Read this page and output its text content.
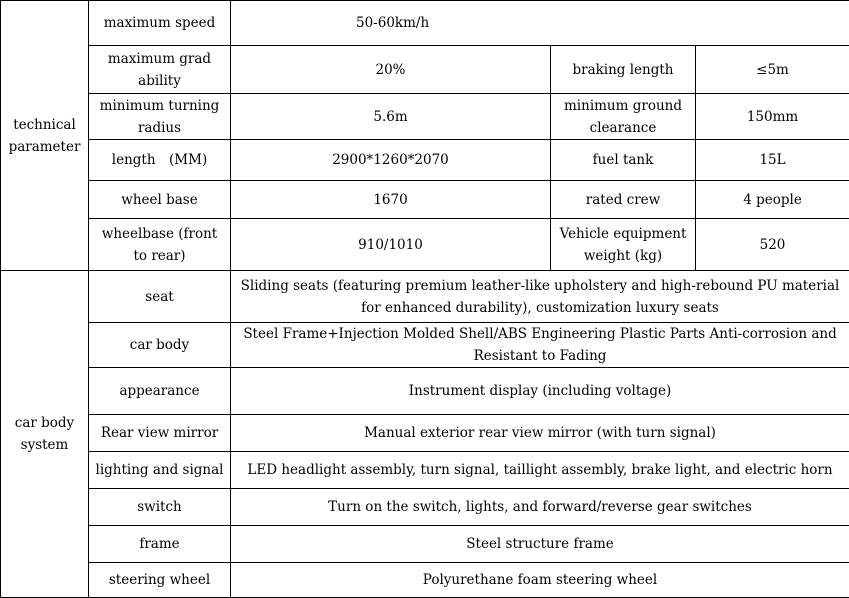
technical parameter	maximum speed	50-60km/h		
	maximum grad ability	20%	braking length	≤5m
	minimum turning radius	5.6m	minimum ground clearance	150mm
	length　(MM)	2900*1260*2070	fuel tank	15L
	wheel base	1670	rated crew	4 people
	wheelbase (front to rear)	910/1010	Vehicle equipment weight (kg)	520
car body system	seat	Sliding seats (featuring premium leather-like upholstery and high-rebound PU material for enhanced durability), customization luxury seats		
	car body	Steel Frame+Injection Molded Shell/ABS Engineering Plastic Parts Anti-corrosion and Resistant to Fading		
	appearance	Instrument display (including voltage)		
	Rear view mirror	Manual exterior rear view mirror (with turn signal)		
	lighting and signal	LED headlight assembly, turn signal, taillight assembly, brake light, and electric horn		
	switch	Turn on the switch, lights, and forward/reverse gear switches		
	frame	Steel structure frame		
	steering wheel	Polyurethane foam steering wheel		
